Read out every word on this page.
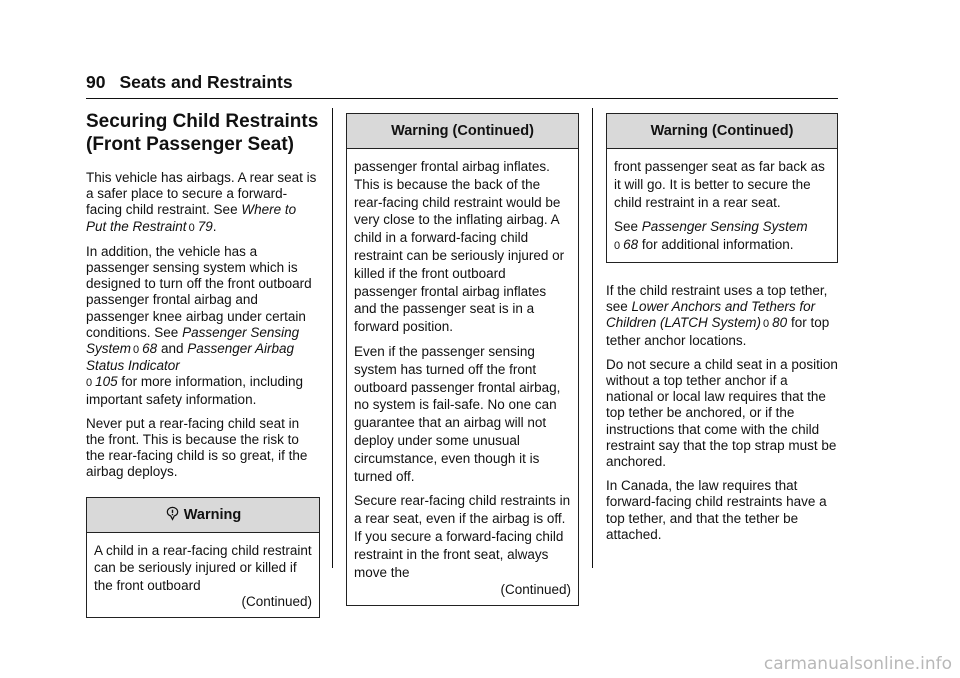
90 Seats and Restraints
Securing Child Restraints
(Front Passenger Seat)

This vehicle has airbags. A rear seat is a safer place to secure a forward-facing child restraint. See Where to Put the Restraint 0 79.

In addition, the vehicle has a passenger sensing system which is designed to turn off the front outboard passenger frontal airbag and passenger knee airbag under certain conditions. See Passenger Sensing System 0 68 and Passenger Airbag Status Indicator
0 105 for more information, including important safety information.

Never put a rear-facing child seat in the front. This is because the risk to the rear-facing child is so great, if the airbag deploys.

Warning

A child in a rear-facing child restraint can be seriously injured or killed if the front outboard

(Continued)
Warning (Continued)

passenger frontal airbag inflates. This is because the back of the rear-facing child restraint would be very close to the inflating airbag. A child in a forward-facing child restraint can be seriously injured or killed if the front outboard passenger frontal airbag inflates and the passenger seat is in a forward position.

Even if the passenger sensing system has turned off the front outboard passenger frontal airbag, no system is fail-safe. No one can guarantee that an airbag will not deploy under some unusual circumstance, even though it is turned off.

Secure rear-facing child restraints in a rear seat, even if the airbag is off. If you secure a forward-facing child restraint in the front seat, always move the

(Continued)
Warning (Continued)

front passenger seat as far back as it will go. It is better to secure the child restraint in a rear seat.

See Passenger Sensing System
0 68 for additional information.

If the child restraint uses a top tether, see Lower Anchors and Tethers for Children (LATCH System) 0 80 for top tether anchor locations.

Do not secure a child seat in a position without a top tether anchor if a national or local law requires that the top tether be anchored, or if the instructions that come with the child restraint say that the top strap must be anchored.

In Canada, the law requires that forward-facing child restraints have a top tether, and that the tether be attached.

carmanualsonline.info
